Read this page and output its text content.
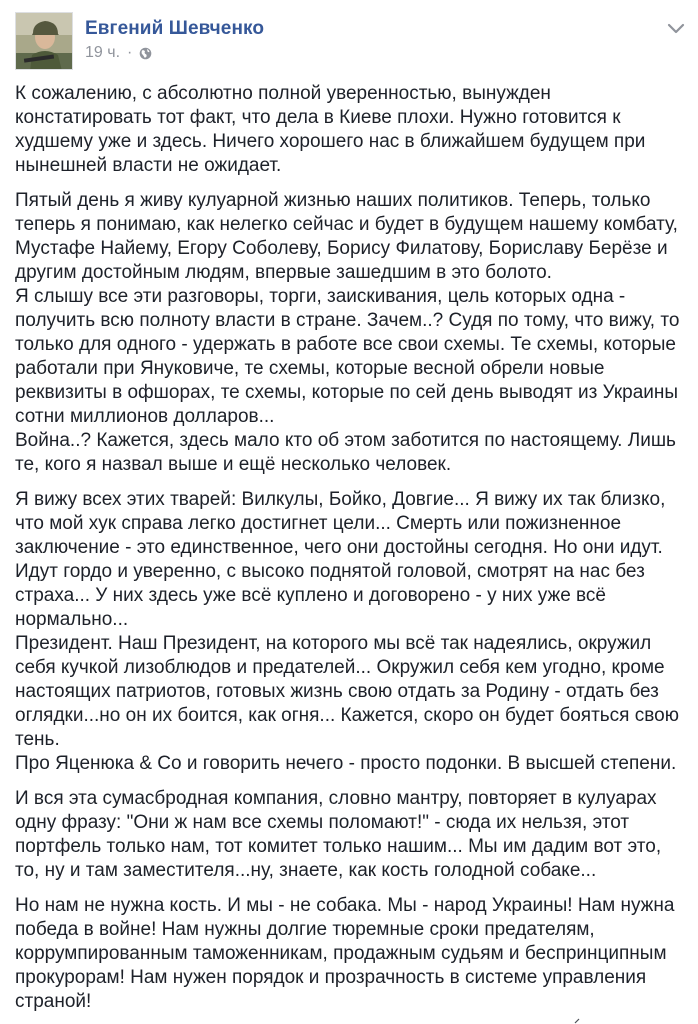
Евгений Шевченко
19 ч. ·

К сожалению, с абсолютно полной уверенностью, вынужден
констатировать тот факт, что дела в Киеве плохи. Нужно готовится к
худшему уже и здесь. Ничего хорошего нас в ближайшем будущем при
нынешней власти не ожидает.

Пятый день я живу кулуарной жизнью наших политиков. Теперь, только
теперь я понимаю, как нелегко сейчас и будет в будущем нашему комбату,
Мустафе Найему, Егору Соболеву, Борису Филатову, Бориславу Берёзе и
другим достойным людям, впервые зашедшим в это болото.
Я слышу все эти разговоры, торги, заискивания, цель которых одна -
получить всю полноту власти в стране. Зачем..? Судя по тому, что вижу, то
только для одного - удержать в работе все свои схемы. Те схемы, которые
работали при Януковиче, те схемы, которые весной обрели новые
реквизиты в офшорах, те схемы, которые по сей день выводят из Украины
сотни миллионов долларов...
Война..? Кажется, здесь мало кто об этом заботится по настоящему. Лишь
те, кого я назвал выше и ещё несколько человек.

Я вижу всех этих тварей: Вилкулы, Бойко, Довгие... Я вижу их так близко,
что мой хук справа легко достигнет цели... Смерть или пожизненное
заключение - это единственное, чего они достойны сегодня. Но они идут.
Идут гордо и уверенно, с высоко поднятой головой, смотрят на нас без
страха... У них здесь уже всё куплено и договорено - у них уже всё
нормально...
Президент. Наш Президент, на которого мы всё так надеялись, окружил
себя кучкой лизоблюдов и предателей... Окружил себя кем угодно, кроме
настоящих патриотов, готовых жизнь свою отдать за Родину - отдать без
оглядки...но он их боится, как огня... Кажется, скоро он будет бояться свою
тень.
Про Яценюка & Co и говорить нечего - просто подонки. В высшей степени.

И вся эта сумасбродная компания, словно мантру, повторяет в кулуарах
одну фразу: "Они ж нам все схемы поломают!" - сюда их нельзя, этот
портфель только нам, тот комитет только нашим... Мы им дадим вот это,
то, ну и там заместителя...ну, знаете, как кость голодной собаке...

Но нам не нужна кость. И мы - не собака. Мы - народ Украины! Нам нужна
победа в войне! Нам нужны долгие тюремные сроки предателям,
коррумпированным таможенникам, продажным судьям и беспринципным
прокурорам! Нам нужен порядок и прозрачность в системе управления
страной!
